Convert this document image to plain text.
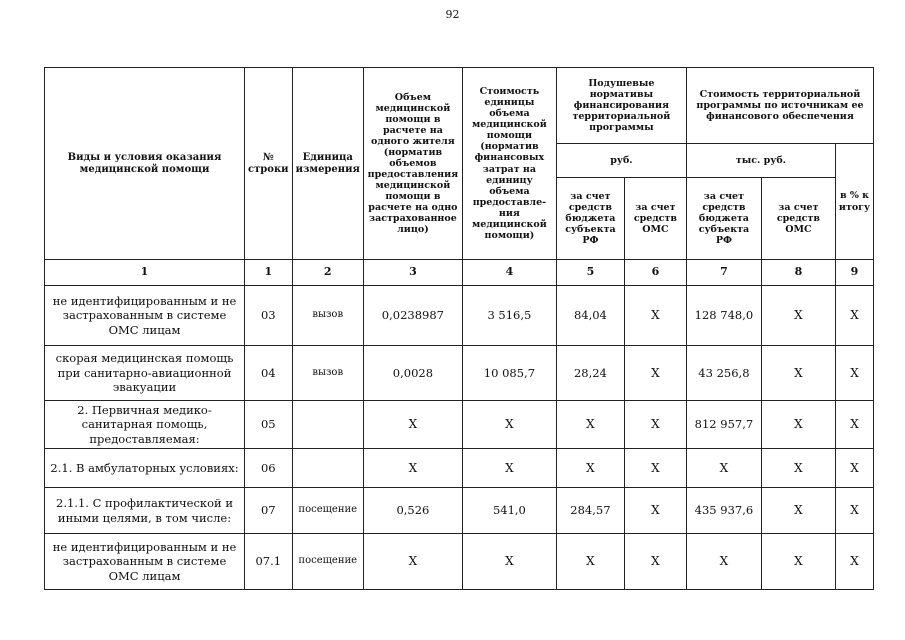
92
Виды и условия оказания медицинской помощи	№ строки	Единица измерения	Объем медицинской помощи в расчете на одного жителя (норматив объемов предоставления медицинской помощи в расчете на одно застрахованное лицо)	Стоимость единицы объема медицинской помощи (норматив финансовых затрат на единицу объема предоставле- ния медицинской помощи)	Подушевые нормативы финансирования территориальной программы		Стоимость территориальной программы по источникам ее финансового обеспечения		
					руб.		тыс. руб.		в % к итогу
					за счет средств бюджета субъекта РФ	за счет средств ОМС	за счет средств бюджета субъекта РФ	за счет средств ОМС	
1	1	2	3	4	5	6	7	8	9
не идентифицированным и не застрахованным в системе ОМС лицам	03	вызов	0,0238987	3 516,5	84,04	Х	128 748,0	Х	Х
скорая медицинская помощь при санитарно-авиационной эвакуации	04	вызов	0,0028	10 085,7	28,24	Х	43 256,8	Х	Х
2. Первичная медико-санитарная помощь, предоставляемая:	05		Х	Х	Х	Х	812 957,7	Х	Х
2.1. В амбулаторных условиях:	06		Х	Х	Х	Х	Х	Х	Х
2.1.1. С профилактической и иными целями, в том числе:	07	посещение	0,526	541,0	284,57	Х	435 937,6	Х	Х
не идентифицированным и не застрахованным в системе ОМС лицам	07.1	посещение	Х	Х	Х	Х	Х	Х	Х
